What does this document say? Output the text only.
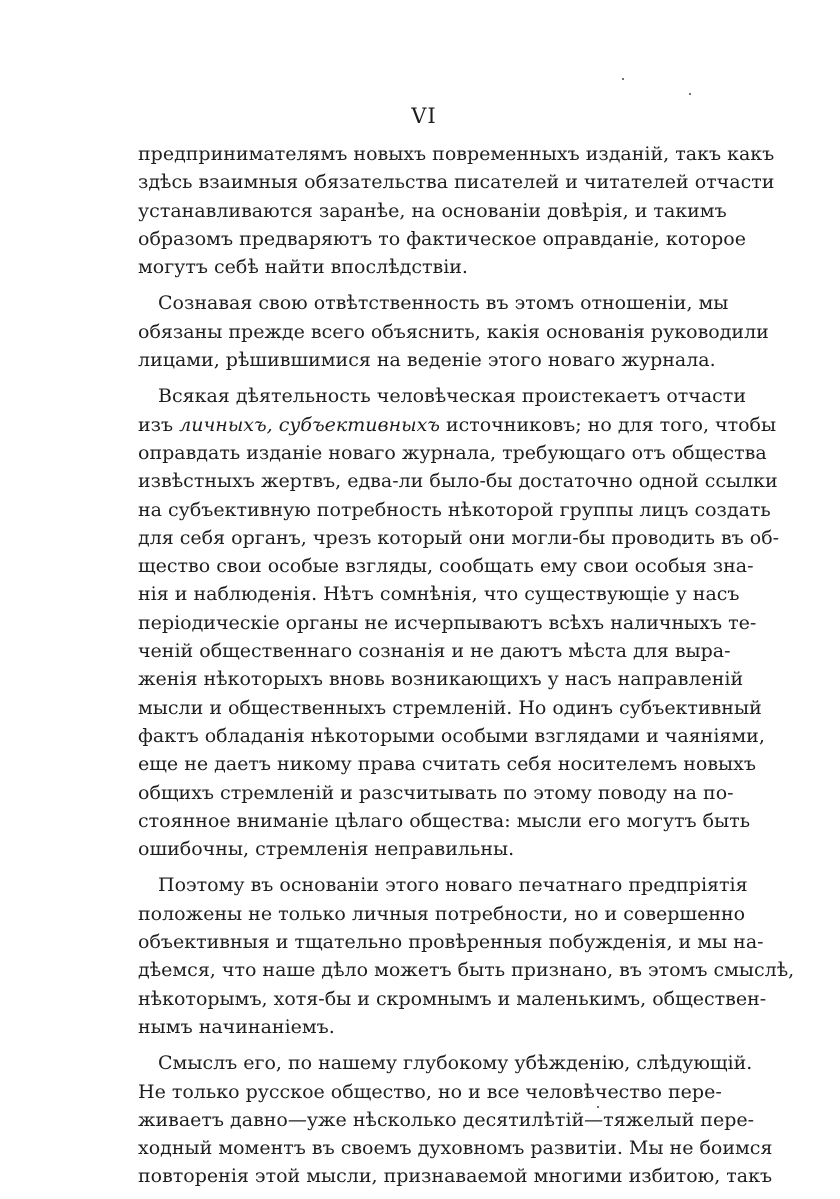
VI
предпринимателямъ новыхъ повременныхъ изданій, такъ какъ
здѣсь взаимныя обязательства писателей и читателей отчасти
устанавливаются заранѣе, на основаніи довѣрія, и такимъ
образомъ предваряютъ то фактическое оправданіе, которое
могутъ себѣ найти впослѣдствіи.
Сознавая свою отвѣтственность въ этомъ отношеніи, мы
обязаны прежде всего объяснить, какія основанія руководили
лицами, рѣшившимися на веденіе этого новаго журнала.
Всякая дѣятельность человѣческая проистекаетъ отчасти
изъ личныхъ, субъективныхъ источниковъ; но для того, чтобы
оправдать изданіе новаго журнала, требующаго отъ общества
извѣстныхъ жертвъ, едва-ли было-бы достаточно одной ссылки
на субъективную потребность нѣкоторой группы лицъ создать
для себя органъ, чрезъ который они могли-бы проводить въ об-
щество свои особые взгляды, сообщать ему свои особыя зна-
нія и наблюденія. Нѣтъ сомнѣнія, что существующіе у насъ
періодическіе органы не исчерпываютъ всѣхъ наличныхъ те-
ченій общественнаго сознанія и не даютъ мѣста для выра-
женія нѣкоторыхъ вновь возникающихъ у насъ направленій
мысли и общественныхъ стремленій. Но одинъ субъективный
фактъ обладанія нѣкоторыми особыми взглядами и чаяніями,
еще не даетъ никому права считать себя носителемъ новыхъ
общихъ стремленій и разсчитывать по этому поводу на по-
стоянное вниманіе цѣлаго общества: мысли его могутъ быть
ошибочны, стремленія неправильны.
Поэтому въ основаніи этого новаго печатнаго предпріятія
положены не только личныя потребности, но и совершенно
объективныя и тщательно провѣренныя побужденія, и мы на-
дѣемся, что наше дѣло можетъ быть признано, въ этомъ смыслѣ,
нѣкоторымъ, хотя-бы и скромнымъ и маленькимъ, обществен-
нымъ начинаніемъ.
Смыслъ его, по нашему глубокому убѣжденію, слѣдующій.
Не только русское общество, но и все человѣчество пере-
живаетъ давно—уже нѣсколько десятилѣтій—тяжелый пере-
ходный моментъ въ своемъ духовномъ развитіи. Мы не боимся
повторенія этой мысли, признаваемой многими избитою, такъ
